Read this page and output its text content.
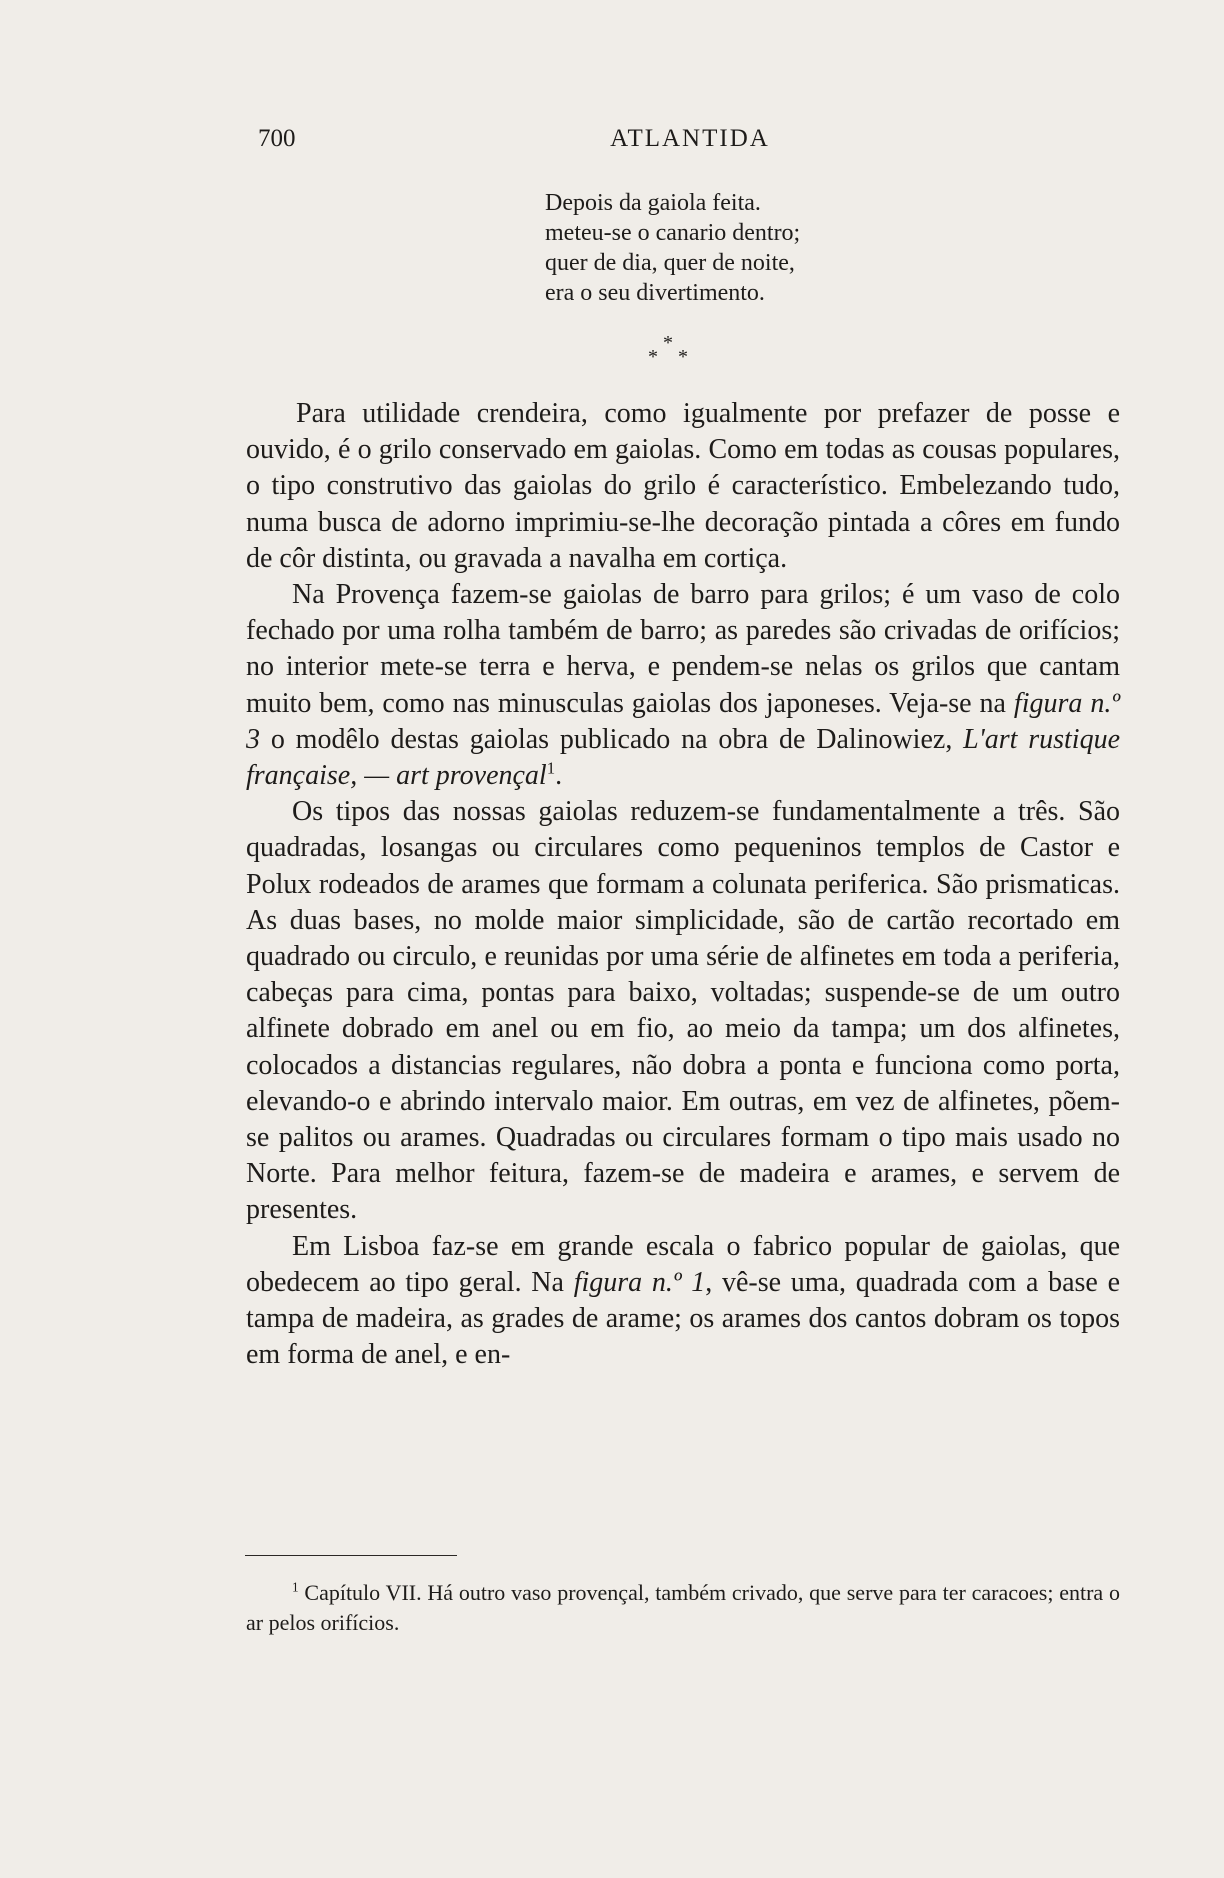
700	ATLANTIDA
Depois da gaiola feita.
meteu-se o canario dentro;
quer de dia, quer de noite,
era o seu divertimento.
*
* *

Para utilidade crendeira, como igualmente por prefazer de posse e ouvido, é o grilo conservado em gaiolas. Como em todas as cousas populares, o tipo construtivo das gaiolas do grilo é característico. Embelezando tudo, numa busca de adorno imprimiu-se-lhe decoração pintada a côres em fundo de côr distinta, ou gravada a navalha em cortiça.

Na Provença fazem-se gaiolas de barro para grilos; é um vaso de colo fechado por uma rolha também de barro; as paredes são crivadas de orifícios; no interior mete-se terra e herva, e pendem-se nelas os grilos que cantam muito bem, como nas minusculas gaiolas dos japoneses. Veja-se na figura n.º 3 o modêlo destas gaiolas publicado na obra de Dalinowiez, L'art rustique française, — art provençal$^1$.

Os tipos das nossas gaiolas reduzem-se fundamentalmente a três. São quadradas, losangas ou circulares como pequeninos templos de Castor e Polux rodeados de arames que formam a colunata periferica. São prismaticas. As duas bases, no molde maior simplicidade, são de cartão recortado em quadrado ou circulo, e reunidas por uma série de alfinetes em toda a periferia, cabeças para cima, pontas para baixo, voltadas; suspende-se de um outro alfinete dobrado em anel ou em fio, ao meio da tampa; um dos alfinetes, colocados a distancias regulares, não dobra a ponta e funciona como porta, elevando-o e abrindo intervalo maior. Em outras, em vez de alfinetes, põem-se palitos ou arames. Quadradas ou circulares formam o tipo mais usado no Norte. Para melhor feitura, fazem-se de madeira e arames, e servem de presentes.

Em Lisboa faz-se em grande escala o fabrico popular de gaiolas, que obedecem ao tipo geral. Na figura n.º 1, vê-se uma, quadrada com a base e tampa de madeira, as grades de arame; os arames dos cantos dobram os topos em forma de anel, e en-

$^1$ Capítulo VII. Há outro vaso provençal, também crivado, que serve para ter caracoes; entra o ar pelos orifícios.
